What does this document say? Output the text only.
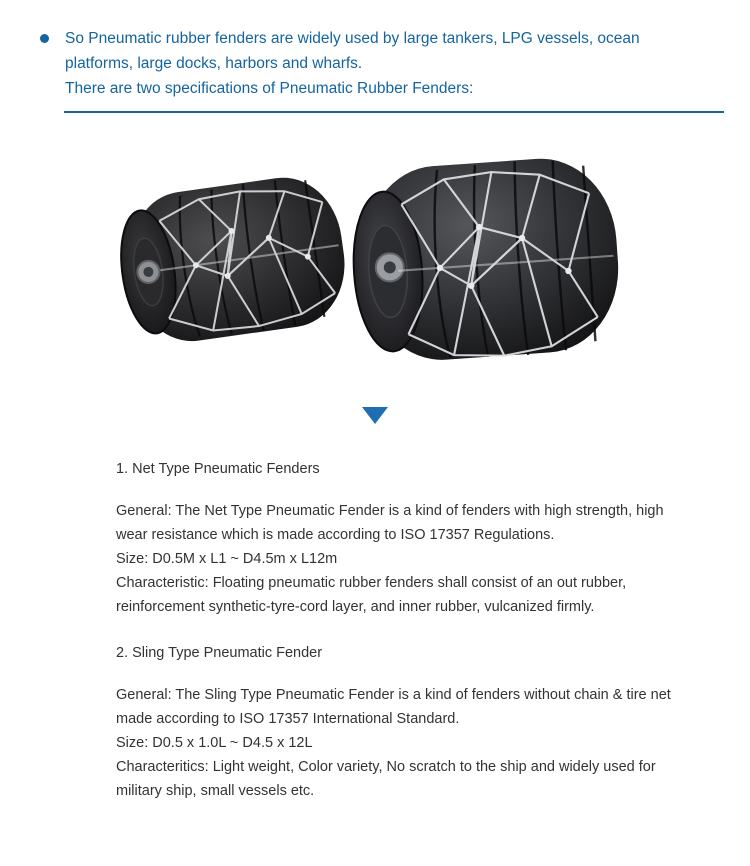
So Pneumatic rubber fenders are widely used by large tankers, LPG vessels, ocean platforms, large docks, harbors and wharfs.
There are two specifications of Pneumatic Rubber Fenders:
1. Net Type Pneumatic Fenders
General: The Net Type Pneumatic Fender is a kind of fenders with high strength, high wear resistance which is made according to ISO 17357 Regulations.
Size: D0.5M x L1 ~ D4.5m x L12m
Characteristic: Floating pneumatic rubber fenders shall consist of an out rubber, reinforcement synthetic-tyre-cord layer, and inner rubber, vulcanized firmly.
2. Sling Type Pneumatic Fender
General: The Sling Type Pneumatic Fender is a kind of fenders without chain & tire net made according to ISO 17357 International Standard.
Size: D0.5 x 1.0L ~ D4.5 x 12L
Characteritics: Light weight, Color variety, No scratch to the ship and widely used for military ship, small vessels etc.
